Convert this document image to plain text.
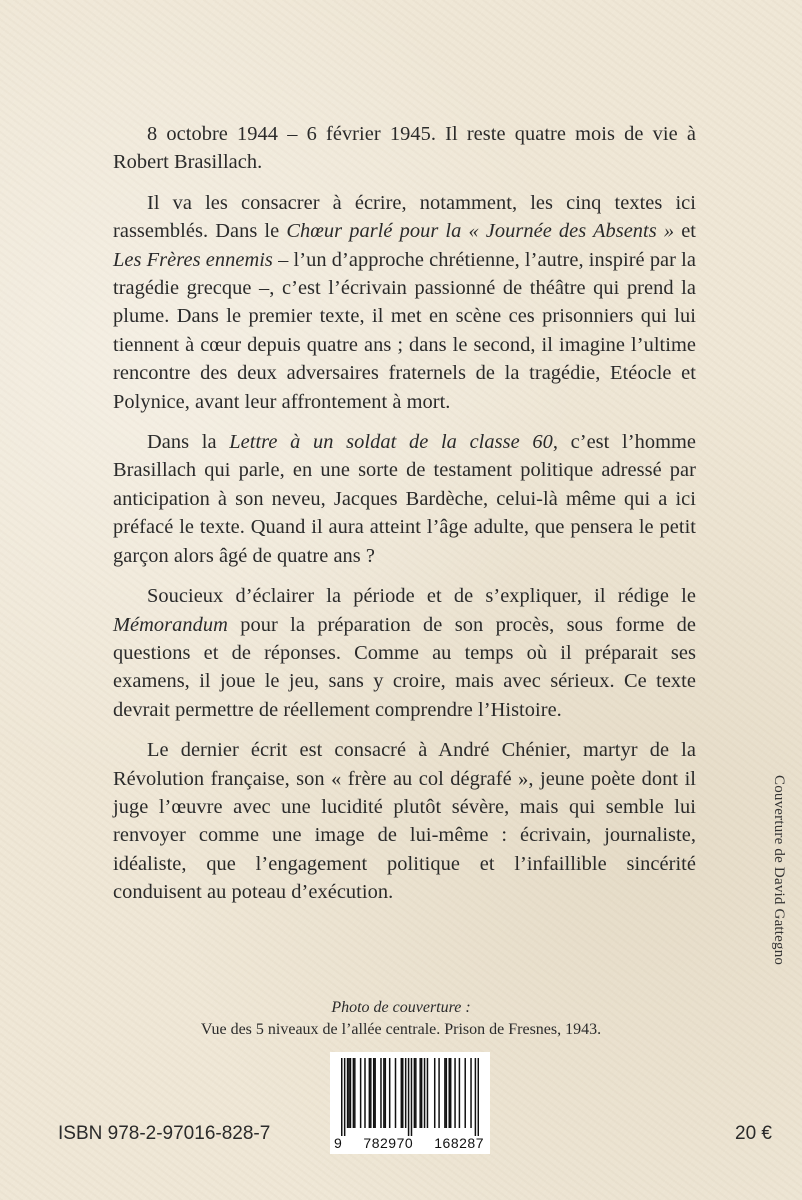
8 octobre 1944 – 6 février 1945. Il reste quatre mois de vie à Robert Brasillach.

Il va les consacrer à écrire, notamment, les cinq textes ici rassemblés. Dans le Chœur parlé pour la « Journée des Absents » et Les Frères ennemis – l’un d’approche chrétienne, l’autre, inspiré par la tragédie grecque –, c’est l’écrivain passionné de théâtre qui prend la plume. Dans le premier texte, il met en scène ces prisonniers qui lui tiennent à cœur depuis quatre ans ; dans le second, il imagine l’ultime rencontre des deux adversaires fraternels de la tragédie, Etéocle et Polynice, avant leur affrontement à mort.

Dans la Lettre à un soldat de la classe 60, c’est l’homme Brasillach qui parle, en une sorte de testament politique adressé par anticipation à son neveu, Jacques Bardèche, celui-là même qui a ici préfacé le texte. Quand il aura atteint l’âge adulte, que pensera le petit garçon alors âgé de quatre ans ?

Soucieux d’éclairer la période et de s’expliquer, il rédige le Mémorandum pour la préparation de son procès, sous forme de questions et de réponses. Comme au temps où il préparait ses examens, il joue le jeu, sans y croire, mais avec sérieux. Ce texte devrait permettre de réellement comprendre l’Histoire.

Le dernier écrit est consacré à André Chénier, martyr de la Révolution française, son « frère au col dégrafé », jeune poète dont il juge l’œuvre avec une lucidité plutôt sévère, mais qui semble lui renvoyer comme une image de lui-même : écrivain, journaliste, idéaliste, que l’engagement politique et l’infaillible sincérité conduisent au poteau d’exécution.	Couverture de David Gattegno
Photo de couverture :
Vue des 5 niveaux de l’allée centrale. Prison de Fresnes, 1943.
9 782970 168287
ISBN 978-2-97016-828-7	20 €
